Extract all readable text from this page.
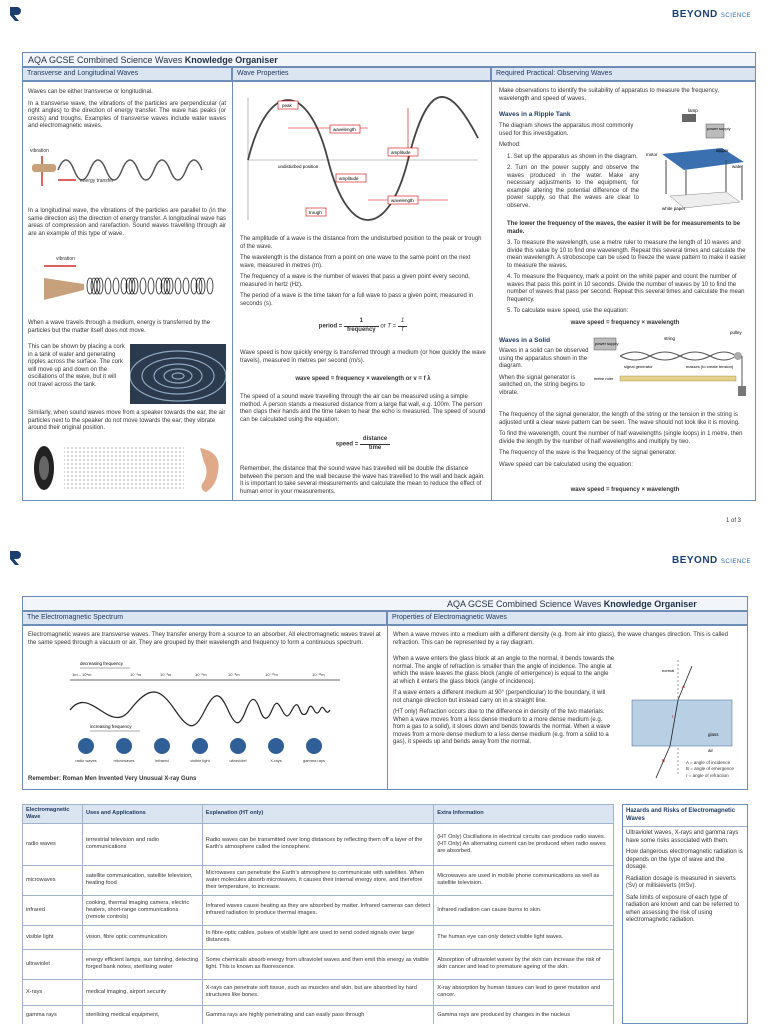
BEYOND SCIENCE
AQA GCSE Combined Science Waves Knowledge Organiser
Transverse and Longitudinal Waves	Wave Properties	Required Practical: Observing Waves

Waves can be either transverse or longitudinal.

In a transverse wave, the vibrations of the particles are perpendicular (at right angles) to the direction of energy transfer. The wave has peaks (or crests) and troughs. Examples of transverse waves include water waves and electromagnetic waves.

vibration
energy transfer

In a longitudinal wave, the vibrations of the particles are parallel to (in the same direction as) the direction of energy transfer. A longitudinal wave has areas of compression and rarefaction. Sound waves travelling through air are an example of this type of wave.

vibration

When a wave travels through a medium, energy is transferred by the particles but the matter itself does not move.

This can be shown by placing a cork in a tank of water and generating ripples across the surface. The cork will move up and down on the oscillations of the wave, but it will not travel across the tank.

Similarly, when sound waves move from a speaker towards the ear, the air particles next to the speaker do not move towards the ear; they vibrate around their original position.

peak
wavelength
undisturbed position
amplitude
amplitude
wavelength
trough

The amplitude of a wave is the distance from the undisturbed position to the peak or trough of the wave.

The wavelength is the distance from a point on one wave to the same point on the next wave, measured in metres (m).

The frequency of a wave is the number of waves that pass a given point every second, measured in hertz (Hz).

The period of a wave is the time taken for a full wave to pass a given point, measured in seconds (s).

period =
1
frequency or $T = \frac{1}{f}$

Wave speed is how quickly energy is transferred through a medium (or how quickly the wave travels), measured in metres per second (m/s).

wave speed = frequency × wavelength or v = f λ

The speed of a sound wave travelling through the air can be measured using a simple method. A person stands a measured distance from a large flat wall, e.g. 100m. The person then claps their hands and the time taken to hear the echo is measured. The speed of sound can be calculated using the equation:

speed =
distance
time

Remember, the distance that the sound wave has travelled will be double the distance between the person and the wall because the wave has travelled to the wall and back again. It is important to take several measurements and calculate the mean to reduce the effect of human error in your measurements.

Make observations to identify the suitability of apparatus to measure the frequency, wavelength and speed of waves.

Waves in a Ripple Tank

The diagram shows the apparatus most commonly used for this investigation.

Method:

1. Set up the apparatus as shown in the diagram.

2. Turn on the power supply and observe the waves produced in the water. Make any necessary adjustments to the equipment, for example altering the potential difference of the power supply, so that the waves are clear to observe.

The lower the frequency of the waves, the easier it will be for measurements to be made.
lamp
power supply
motor
dipper
water
white paper

3. To measure the wavelength, use a metre ruler to measure the length of 10 waves and divide this value by 10 to find one wavelength. Repeat this several times and calculate the mean wavelength. A stroboscope can be used to freeze the wave pattern to make it easier to measure the waves.

4. To measure the frequency, mark a point on the white paper and count the number of waves that pass this point in 10 seconds. Divide the number of waves by 10 to find the number of waves that pass per second. Repeat this several times and calculate the mean frequency.

5. To calculate wave speed, use the equation:

wave speed = frequency × wavelength
Waves in a Solid

Waves in a solid can be observed using the apparatus shown in the diagram.

When the signal generator is switched on, the string begins to vibrate.

pulley
string
power supply
signal generator	masses (to create tension)
metre ruler

The frequency of the signal generator, the length of the string or the tension in the string is adjusted until a clear wave pattern can be seen. The wave should not look like it is moving.

To find the wavelength, count the number of half wavelengths (single loops) in 1 metre, then divide the length by the number of half wavelengths and multiply by two.

The frequency of the wave is the frequency of the signal generator.

Wave speed can be calculated using the equation:

wave speed = frequency × wavelength
1 of 3
BEYOND SCIENCE
AQA GCSE Combined Science Waves Knowledge Organiser
The Electromagnetic Spectrum	Properties of Electromagnetic Waves

Electromagnetic waves are transverse waves. They transfer energy from a source to an absorber. All electromagnetic waves travel at the same speed through a vacuum or air. They are grouped by their wavelength and frequency to form a continuous spectrum.

decreasing frequency
1m – 10⁴m	10⁻¹m	10⁻³m	10⁻⁶m	10⁻⁸m	10⁻¹⁰m	10⁻¹²m
increasing frequency
radio waves	microwaves	infrared	visible light	ultraviolet	X-rays	gamma rays
Remember: Roman Men Invented Very Unusual X-ray Guns

When a wave moves into a medium with a different density (e.g. from air into glass), the wave changes direction. This is called refraction. This can be represented by a ray diagram.

When a wave enters the glass block at an angle to the normal, it bends towards the normal. The angle of refraction is smaller than the angle of incidence. The angle at which the wave leaves the glass block (angle of emergence) is equal to the angle at which it enters the glass block (angle of incidence).

If a wave enters a different medium at 90° (perpendicular) to the boundary, it will not change direction but instead carry on in a straight line.

(HT only) Refraction occurs due to the difference in density of the two materials. When a wave moves from a less dense medium to a more dense medium (e.g. from a gas to a solid), it slows down and bends towards the normal. When a wave moves from a more dense medium to a less dense medium (e.g. from a solid to a gas), it speeds up and bends away from the normal.

normal
glass
air
A
r
B	A = angle of incidence
B = angle of emergence
r = angle of refraction
Electromagnetic Wave	Uses and Applications	Explanation (HT only)	Extra Information
radio waves	terrestrial television and radio communications	Radio waves can be transmitted over long distances by reflecting them off a layer of the Earth’s atmosphere called the ionosphere.	(HT Only) Oscillations in electrical circuits can produce radio waves. (HT Only) An alternating current can be produced when radio waves are absorbed.
microwaves	satellite communication, satellite television, heating food	Microwaves can penetrate the Earth’s atmosphere to communicate with satellites. When water molecules absorb microwaves, it causes their internal energy store, and therefore their temperature, to increase.	Microwaves are used in mobile phone communications as well as satellite television.
infrared	cooking, thermal imaging camera, electric heaters, short-range communications (remote controls)	Infrared waves cause heating as they are absorbed by matter. Infrared cameras can detect infrared radiation to produce thermal images.	Infrared radiation can cause burns to skin.
visible light	vision, fibre optic communication	In fibre-optic cables, pulses of visible light are used to send coded signals over large distances.	The human eye can only detect visible light waves.
ultraviolet	energy efficient lamps, sun tanning, detecting forged bank notes, sterilising water	Some chemicals absorb energy from ultraviolet waves and then emit this energy as visible light. This is known as fluorescence.	Absorption of ultraviolet waves by the skin can increase the risk of skin cancer and lead to premature ageing of the skin.
X-rays	medical imaging, airport security	X-rays can penetrate soft tissue, such as muscles and skin, but are absorbed by hard structures like bones.	X-ray absorption by human tissues can lead to gene mutation and cancer.
gamma rays	sterilising medical equipment,	Gamma rays are highly penetrating and can easily pass through	Gamma rays are produced by changes in the nucleus
Hazards and Risks of Electromagnetic Waves

Ultraviolet waves, X-rays and gamma rays have some risks associated with them.

How dangerous electromagnetic radiation is depends on the type of wave and the dosage.

Radiation dosage is measured in sieverts (Sv) or millisieverts (mSv).

Safe limits of exposure of each type of radiation are known and can be referred to when assessing the risk of using electromagnetic radiation.
